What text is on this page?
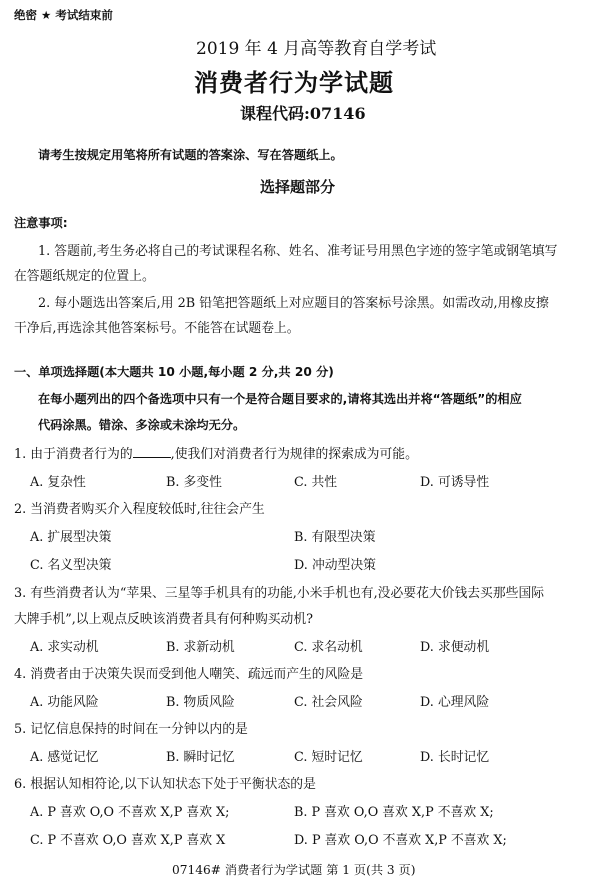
绝密 ★ 考试结束前
2019 年 4 月高等教育自学考试
消费者行为学试题
课程代码:07146
请考生按规定用笔将所有试题的答案涂、写在答题纸上。
选择题部分
注意事项:
1. 答题前,考生务必将自己的考试课程名称、姓名、准考证号用黑色字迹的签字笔或钢笔填写
在答题纸规定的位置上。
2. 每小题选出答案后,用 2B 铅笔把答题纸上对应题目的答案标号涂黑。如需改动,用橡皮擦
干净后,再选涂其他答案标号。不能答在试题卷上。
一、单项选择题(本大题共 10 小题,每小题 2 分,共 20 分)
在每小题列出的四个备选项中只有一个是符合题目要求的,请将其选出并将“答题纸”的相应
代码涂黑。错涂、多涂或未涂均无分。
1. 由于消费者行为的	,使我们对消费者行为规律的探索成为可能。
A. 复杂性	B. 多变性	C. 共性	D. 可诱导性
2. 当消费者购买介入程度较低时,往往会产生
A. 扩展型决策	B. 有限型决策
C. 名义型决策	D. 冲动型决策
3. 有些消费者认为“苹果、三星等手机具有的功能,小米手机也有,没必要花大价钱去买那些国际
大牌手机”,以上观点反映该消费者具有何种购买动机?
A. 求实动机	B. 求新动机	C. 求名动机	D. 求便动机
4. 消费者由于决策失误而受到他人嘲笑、疏远而产生的风险是
A. 功能风险	B. 物质风险	C. 社会风险	D. 心理风险
5. 记忆信息保持的时间在一分钟以内的是
A. 感觉记忆	B. 瞬时记忆	C. 短时记忆	D. 长时记忆
6. 根据认知相符论,以下认知状态下处于平衡状态的是
A. P 喜欢 O,O 不喜欢 X,P 喜欢 X;	B. P 喜欢 O,O 喜欢 X,P 不喜欢 X;
C. P 不喜欢 O,O 喜欢 X,P 喜欢 X	D. P 喜欢 O,O 不喜欢 X,P 不喜欢 X;
07146# 消费者行为学试题 第 1 页(共 3 页)
